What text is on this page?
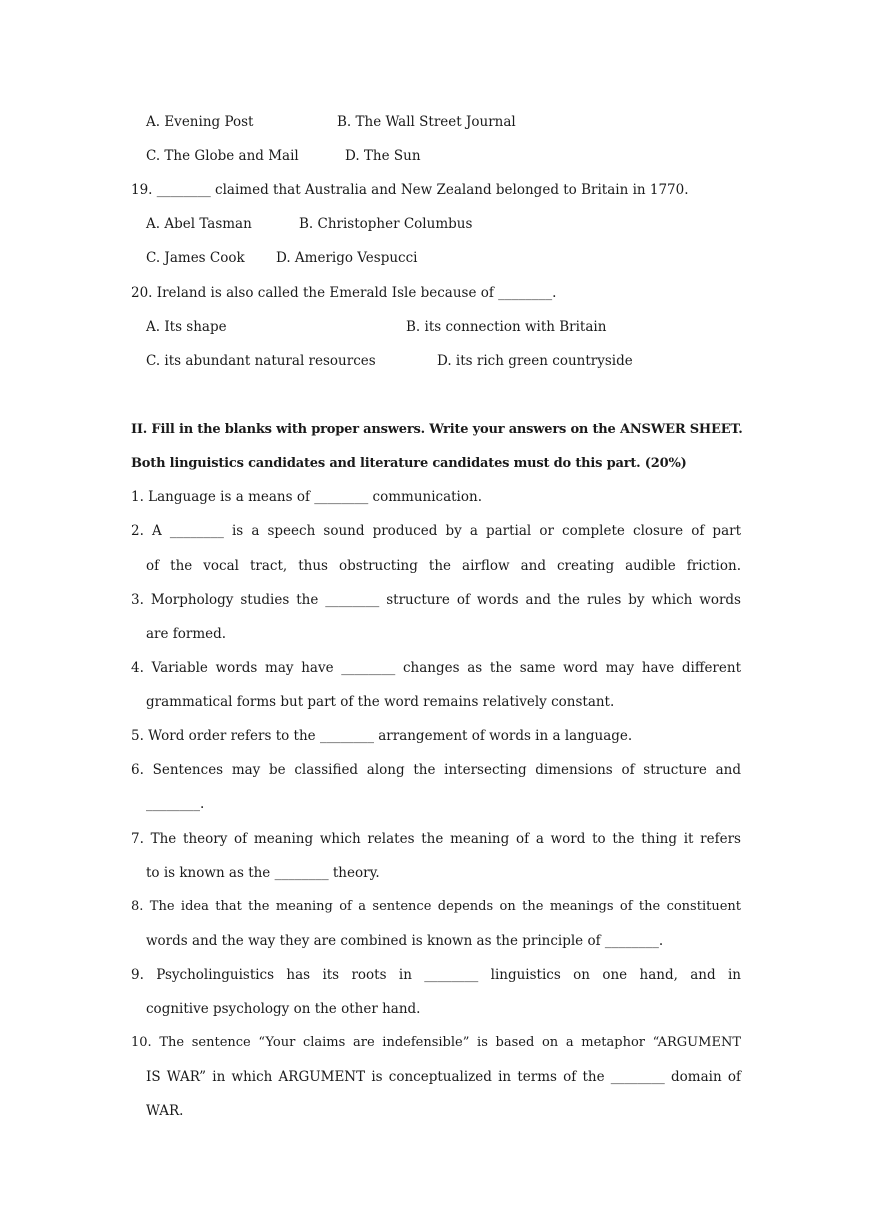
A. Evening Post	B. The Wall Street Journal
C. The Globe and Mail	D. The Sun
19. ________ claimed that Australia and New Zealand belonged to Britain in 1770.
A. Abel Tasman	B. Christopher Columbus
C. James Cook D. Amerigo Vespucci
20. Ireland is also called the Emerald Isle because of ________.
A. Its shape	B. its connection with Britain
C. its abundant natural resources	D. its rich green countryside
II. Fill in the blanks with proper answers. Write your answers on the ANSWER SHEET.
Both linguistics candidates and literature candidates must do this part. (20%)
1. Language is a means of ________ communication.
2. A ________ is a speech sound produced by a partial or complete closure of part
of the vocal tract, thus obstructing the airflow and creating audible friction.
3. Morphology studies the ________ structure of words and the rules by which words
are formed.
4. Variable words may have ________ changes as the same word may have different
grammatical forms but part of the word remains relatively constant.
5. Word order refers to the ________ arrangement of words in a language.
6. Sentences may be classified along the intersecting dimensions of structure and
________.
7. The theory of meaning which relates the meaning of a word to the thing it refers
to is known as the ________ theory.
8. The idea that the meaning of a sentence depends on the meanings of the constituent
words and the way they are combined is known as the principle of ________.
9. Psycholinguistics has its roots in ________ linguistics on one hand, and in
cognitive psychology on the other hand.
10. The sentence “Your claims are indefensible” is based on a metaphor “ARGUMENT
IS WAR” in which ARGUMENT is conceptualized in terms of the ________ domain of
WAR.
